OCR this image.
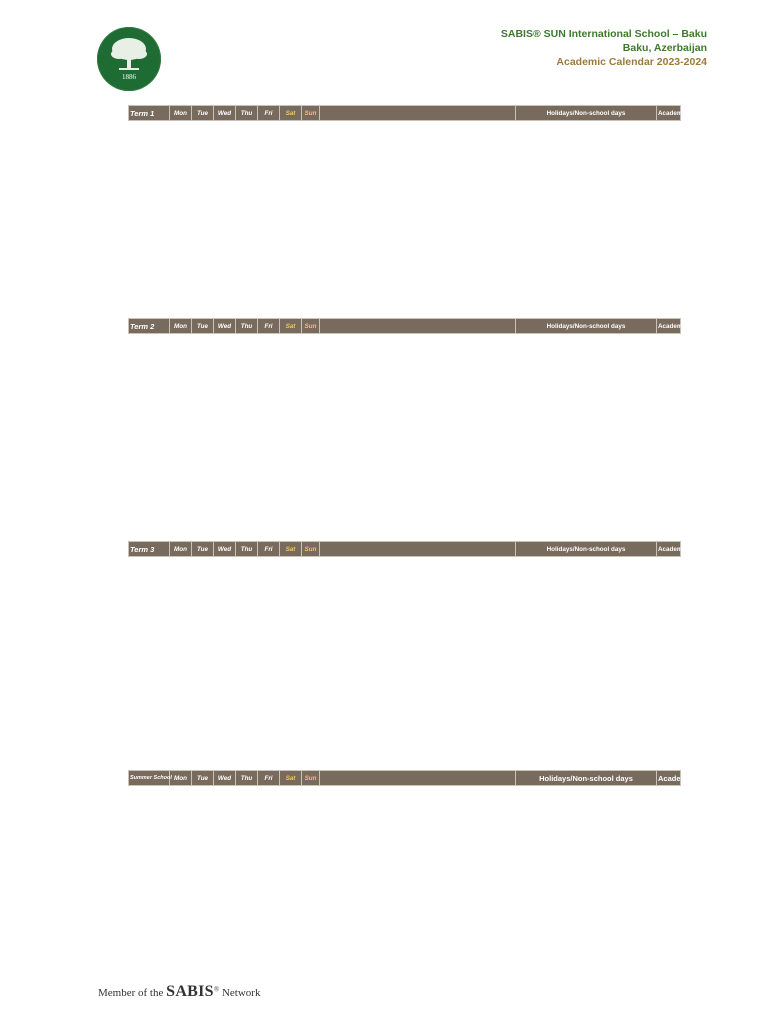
1886
SABIS® SUN International School – Baku
Baku, Azerbaijan
Academic Calendar 2023-2024
Term 1	Mon	Tue	Wed	Thu	Fri	Sat	Sun		Holidays/Non-school days	Academic Milestones	
Term 2	Mon	Tue	Wed	Thu	Fri	Sat	Sun		Holidays/Non-school days	Academic Milestones	
Term 3	Mon	Tue	Wed	Thu	Fri	Sat	Sun		Holidays/Non-school days	Academic Milestones	
Summer School	Mon	Tue	Wed	Thu	Fri	Sat	Sun		Holidays/Non-school days	Academic Milestones	
Member of the SABIS® Network
